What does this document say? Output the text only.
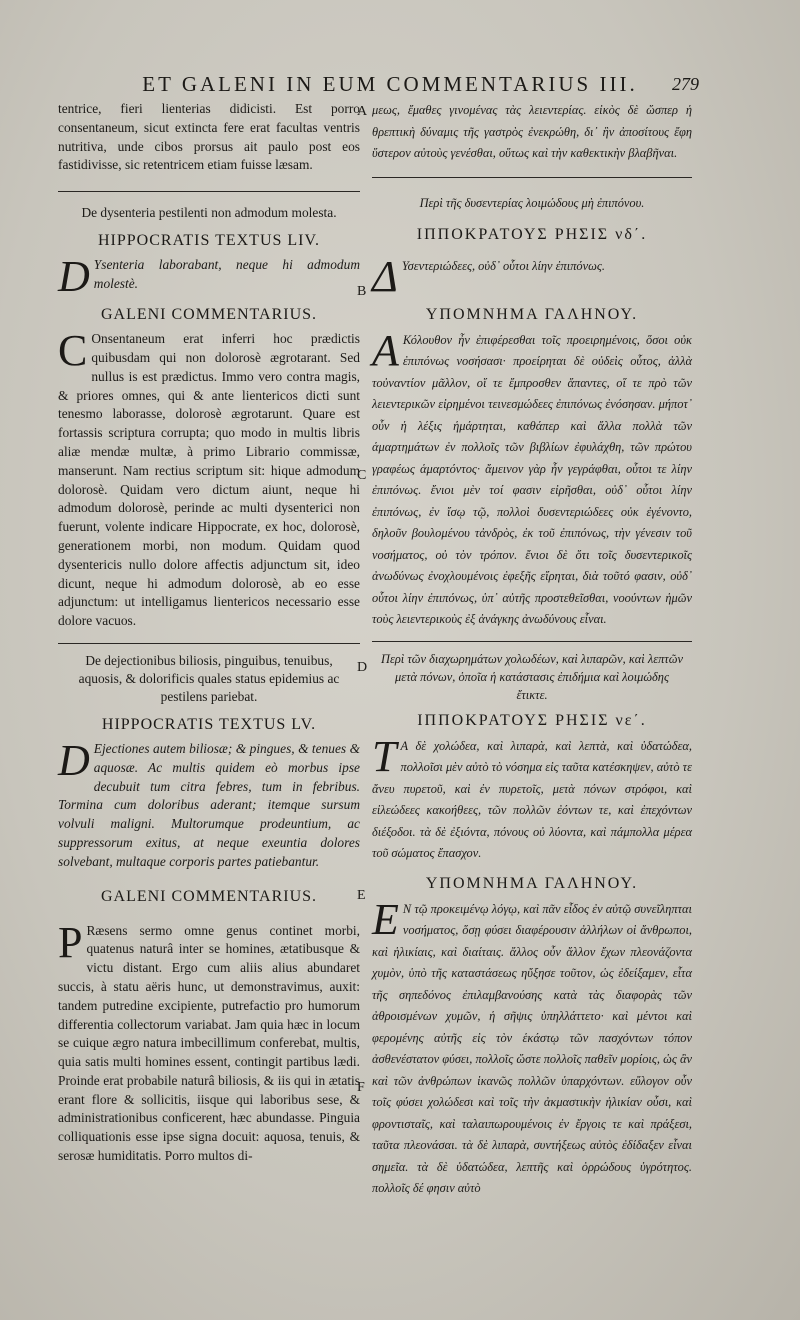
ET GALENI IN EUM COMMENTARIUS III.	279
A
B
C
D
E
F

tentrice, fieri lienterias didicisti. Est porro consentaneum, sicut extincta fere erat facultas ventris nutritiva, unde cibos prorsus ait paulo post eos fastidivisse, sic retentricem etiam fuisse læsam.

De dysenteria pestilenti non admodum molesta.

HIPPOCRATIS TEXTUS LIV.
D Ysenteria laborabant, neque hi admodum molestè.
GALENI COMMENTARIUS.
C Onsentaneum erat inferri hoc prædictis quibusdam qui non dolorosè ægrotarant. Sed nullus is est prædictus. Immo vero contra magis, & priores omnes, qui & ante lientericos dicti sunt tenesmo laborasse, dolorosè ægrotarunt. Quare est fortassis scriptura corrupta; quo modo in multis libris aliæ mendæ multæ, à primo Librario commissæ, manserunt. Nam rectius scriptum sit: hique admodum dolorosè. Quidam vero dictum aiunt, neque hi admodum dolorosè, perinde ac multi dysenterici non fuerunt, volente indicare Hippocrate, ex hoc, dolorosè, generationem morbi, non modum. Quidam quod dysentericis nullo dolore affectis adjunctum sit, ideo dicunt, neque hi admodum dolorosè, ab eo esse adjunctum: ut intelligamus lientericos necessario esse dolore vacuos.

De dejectionibus biliosis, pinguibus, tenuibus, aquosis, & dolorificis quales status epidemius ac pestilens pariebat.

HIPPOCRATIS TEXTUS LV.
D Ejectiones autem biliosæ; & pingues, & tenues & aquosæ. Ac multis quidem eò morbus ipse decubuit tum citra febres, tum in febribus. Tormina cum doloribus aderant; itemque sursum volvuli maligni. Multorumque prodeuntium, ac suppressorum exitus, at neque exeuntia dolores solvebant, multaque corporis partes patiebantur.
GALENI COMMENTARIUS.
P Ræsens sermo omne genus continet morbi, quatenus naturâ inter se homines, ætatibusque & victu distant. Ergo cum aliis alius abundaret succis, à statu aëris hunc, ut demonstravimus, auxit: tandem putredine excipiente, putrefactio pro humorum differentia collectorum variabat. Jam quia hæc in locum se cuique ægro natura imbecillimum conferebat, multis, quia satis multi homines essent, contingit partibus lædi. Proinde erat probabile naturâ biliosis, & iis qui in ætatis erant flore & sollicitis, iisque qui laboribus sese, & administrationibus conficerent, hæc abundasse. Pinguia colliquationis esse ipse signa docuit: aquosa, tenuis, & serosæ humiditatis. Porro multos di-

μεως, ἔμαθες γινομένας τὰς λειεντερίας. εἰκὸς δὲ ὥσπερ ἡ θρεπτικὴ δύναμις τῆς γαστρὸς ἐνεκρώθη, δι᾽ ἣν ἀποσίτους ἔφη ὕστερον αὐτοὺς γενέσθαι, οὕτως καὶ τὴν καθεκτικὴν βλαβῆναι.

Περὶ τῆς δυσεντερίας λοιμώδους μὴ ἐπιπόνου.

ΙΠΠΟΚΡΑΤΟΥΣ ΡΗΣΙΣ νδ΄.
Δ Υσεντεριώδεες, οὐδ᾽ οὗτοι λίην ἐπιπόνως.
ΥΠΟΜΝΗΜΑ ΓΑΛΗΝΟΥ.
Α Κόλουθον ἦν ἐπιφέρεσθαι τοῖς προειρημένοις, ὅσοι οὐκ ἐπιπόνως νοσήσασι· προείρηται δὲ οὐδεὶς οὗτος, ἀλλὰ τοὐναντίον μᾶλλον, οἵ τε ἔμπροσθεν ἅπαντες, οἵ τε πρὸ τῶν λειεντερικῶν εἰρημένοι τεινεσμώδεες ἐπιπόνως ἐνόσησαν. μήποτ᾽ οὖν ἡ λέξις ἡμάρτηται, καθάπερ καὶ ἄλλα πολλὰ τῶν ἁμαρτημάτων ἐν πολλοῖς τῶν βιβλίων ἐφυλάχθη, τῶν πρώτου γραφέως ἁμαρτόντος· ἄμεινον γὰρ ἦν γεγράφθαι, οὗτοι τε λίην ἐπιπόνως. ἔνιοι μὲν τοί φασιν εἰρῆσθαι, οὐδ᾽ οὗτοι λίην ἐπιπόνως, ἐν ἴσῳ τῷ, πολλοὶ δυσεντεριώδεες οὐκ ἐγένοντο, δηλοῦν βουλομένου τἀνδρὸς, ἐκ τοῦ ἐπιπόνως, τὴν γένεσιν τοῦ νοσήματος, οὐ τὸν τρόπον. ἔνιοι δὲ ὅτι τοῖς δυσεντερικοῖς ἀνωδύνως ἐνοχλουμένοις ἐφεξῆς εἴρηται, διὰ τοῦτό φασιν, οὐδ᾽ οὗτοι λίην ἐπιπόνως, ὑπ᾽ αὐτῆς προστεθεῖσθαι, νοούντων ἡμῶν τοὺς λειεντερικοὺς ἐξ ἀνάγκης ἀνωδύνους εἶναι.

Περὶ τῶν διαχωρημάτων χολωδέων, καὶ λιπαρῶν, καὶ λεπτῶν μετὰ πόνων, ὁποῖα ἡ κατάστασις ἐπιδήμια καὶ λοιμώδης ἔτικτε.

ΙΠΠΟΚΡΑΤΟΥΣ ΡΗΣΙΣ νε΄.
Τ Α δὲ χολώδεα, καὶ λιπαρὰ, καὶ λεπτὰ, καὶ ὑδατώδεα, πολλοῖσι μὲν αὐτὸ τὸ νόσημα εἰς ταῦτα κατέσκηψεν, αὐτὸ τε ἄνευ πυρετοῦ, καὶ ἐν πυρετοῖς, μετὰ πόνων στρόφοι, καὶ εἰλεώδεες κακοήθεες, τῶν πολλῶν ἐόντων τε, καὶ ἐπεχόντων διέξοδοι. τὰ δὲ ἐξιόντα, πόνους οὐ λύοντα, καὶ πάμπολλα μέρεα τοῦ σώματος ἔπασχον.
ΥΠΟΜΝΗΜΑ ΓΑΛΗΝΟΥ.
Ε Ν τῷ προκειμένῳ λόγῳ, καὶ πᾶν εἶδος ἐν αὐτῷ συνεῖληπται νοσήματος, ὅσῃ φύσει διαφέρουσιν ἀλλήλων οἱ ἄνθρωποι, καὶ ἡλικίαις, καὶ διαίταις. ἄλλος οὖν ἄλλον ἔχων πλεονάζοντα χυμὸν, ὑπὸ τῆς καταστάσεως ηὔξησε τοῦτον, ὡς ἐδείξαμεν, εἶτα τῆς σηπεδόνος ἐπιλαμβανούσης κατὰ τὰς διαφορὰς τῶν ἀθροισμένων χυμῶν, ἡ σῆψις ὑπηλλάττετο· καὶ μέντοι καὶ φερομένης αὐτῆς εἰς τὸν ἑκάστῳ τῶν πασχόντων τόπον ἀσθενέστατον φύσει, πολλοῖς ὥστε πολλοῖς παθεῖν μορίοις, ὡς ἂν καὶ τῶν ἀνθρώπων ἱκανῶς πολλῶν ὑπαρχόντων. εὔλογον οὖν τοῖς φύσει χολώδεσι καὶ τοῖς τὴν ἀκμαστικὴν ἡλικίαν οὖσι, καὶ φροντισταῖς, καὶ ταλαιπωρουμένοις ἐν ἔργοις τε καὶ πράξεσι, ταῦτα πλεονάσαι. τὰ δὲ λιπαρὰ, συντήξεως αὐτὸς ἐδίδαξεν εἶναι σημεῖα. τὰ δὲ ὑδατώδεα, λεπτῆς καὶ ὀρρώδους ὑγρότητος. πολλοῖς δέ φησιν αὐτὸ
